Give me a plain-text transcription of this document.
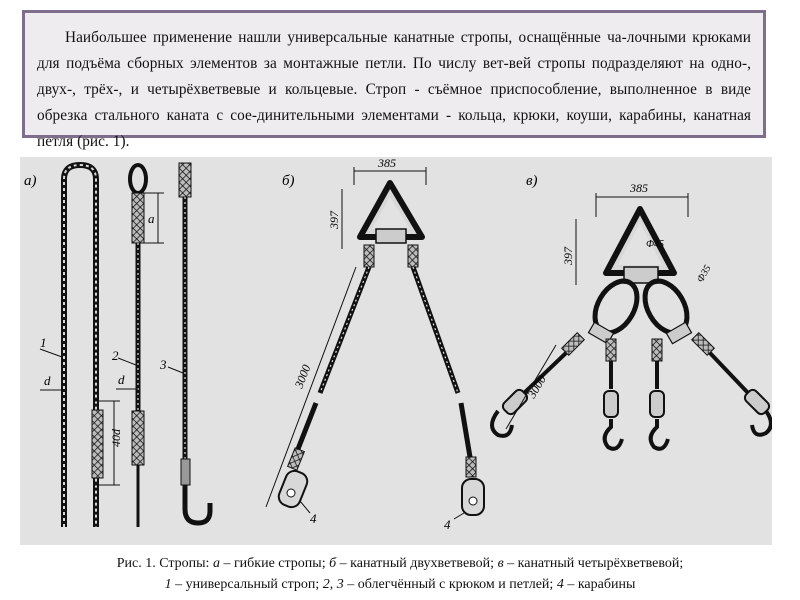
Наибольшее применение нашли универсальные канатные стропы, оснащённые ча-лочными крюками для подъёма сборных элементов за монтажные петли. По числу вет-вей стропы подразделяют на одно-, двух-, трёх-, и четырёхветвевые и кольцевые. Строп - съёмное приспособление, выполненное в виде обрезка стального каната с сое-динительными элементами - кольца, крюки, коуши, карабины, канатная петля (рис. 1).

а)
40d
d
1
а
d
2
3
б)
385
397
3000
4	4
в)	385
397
Ф45
Ф35
3000
Рис. 1. Стропы: а – гибкие стропы; б – канатный двухветвевой; в – канатный четырёхветвевой;
1 – универсальный строп; 2, 3 – облегчённый с крюком и петлей; 4 – карабины
